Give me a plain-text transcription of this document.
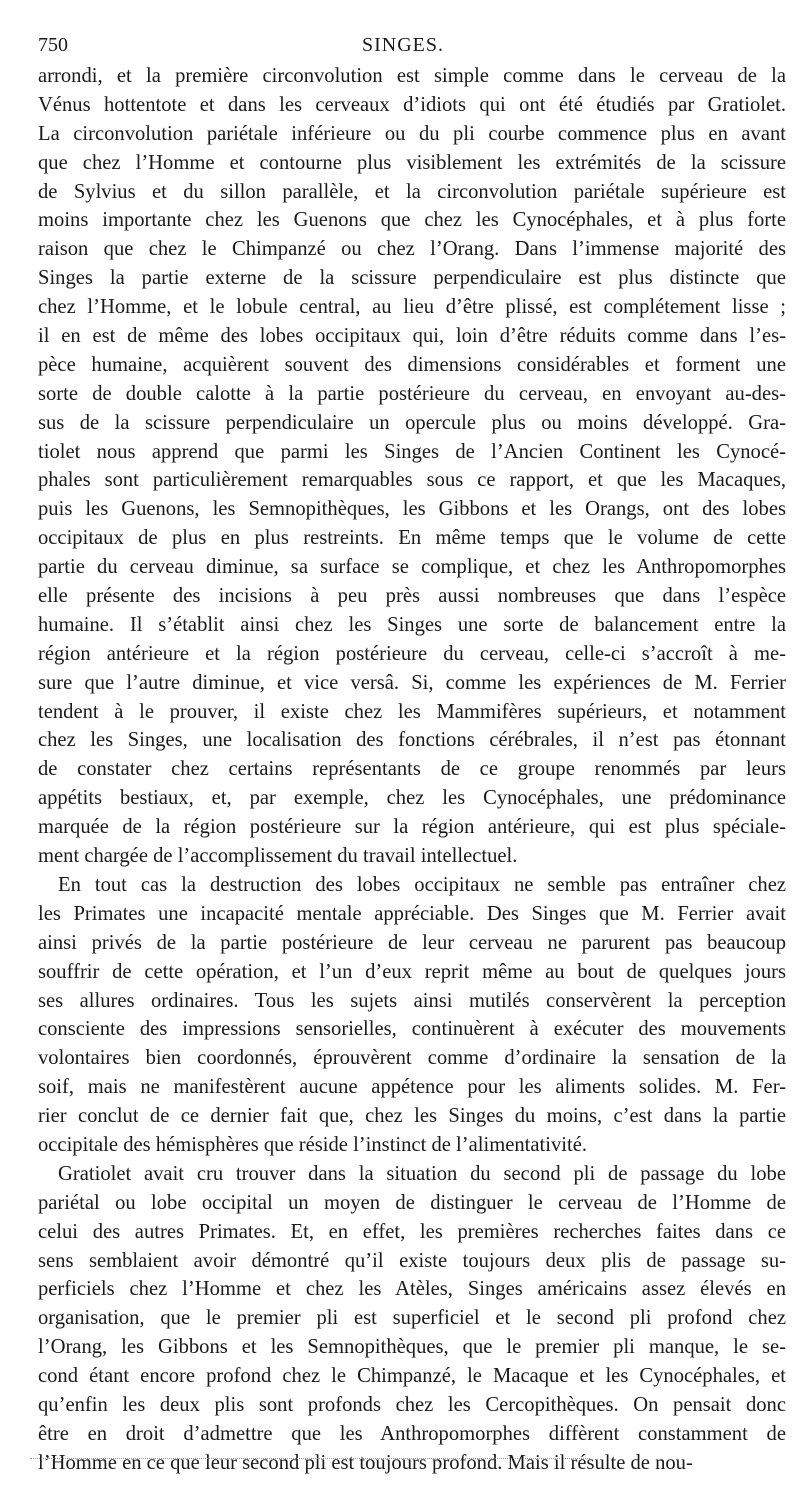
750	SINGES.
arrondi, et la première circonvolution est simple comme dans le cerveau de la
Vénus hottentote et dans les cerveaux d’idiots qui ont été étudiés par Gratiolet.
La circonvolution pariétale inférieure ou du pli courbe commence plus en avant
que chez l’Homme et contourne plus visiblement les extrémités de la scissure
de Sylvius et du sillon parallèle, et la circonvolution pariétale supérieure est
moins importante chez les Guenons que chez les Cynocéphales, et à plus forte
raison que chez le Chimpanzé ou chez l’Orang. Dans l’immense majorité des
Singes la partie externe de la scissure perpendiculaire est plus distincte que
chez l’Homme, et le lobule central, au lieu d’être plissé, est complétement lisse ;
il en est de même des lobes occipitaux qui, loin d’être réduits comme dans l’es-
pèce humaine, acquièrent souvent des dimensions considérables et forment une
sorte de double calotte à la partie postérieure du cerveau, en envoyant au-des-
sus de la scissure perpendiculaire un opercule plus ou moins développé. Gra-
tiolet nous apprend que parmi les Singes de l’Ancien Continent les Cynocé-
phales sont particulièrement remarquables sous ce rapport, et que les Macaques,
puis les Guenons, les Semnopithèques, les Gibbons et les Orangs, ont des lobes
occipitaux de plus en plus restreints. En même temps que le volume de cette
partie du cerveau diminue, sa surface se complique, et chez les Anthropomorphes
elle présente des incisions à peu près aussi nombreuses que dans l’espèce
humaine. Il s’établit ainsi chez les Singes une sorte de balancement entre la
région antérieure et la région postérieure du cerveau, celle-ci s’accroît à me-
sure que l’autre diminue, et vice versâ. Si, comme les expériences de M. Ferrier
tendent à le prouver, il existe chez les Mammifères supérieurs, et notamment
chez les Singes, une localisation des fonctions cérébrales, il n’est pas étonnant
de constater chez certains représentants de ce groupe renommés par leurs
appétits bestiaux, et, par exemple, chez les Cynocéphales, une prédominance
marquée de la région postérieure sur la région antérieure, qui est plus spéciale-
ment chargée de l’accomplissement du travail intellectuel.
En tout cas la destruction des lobes occipitaux ne semble pas entraîner chez
les Primates une incapacité mentale appréciable. Des Singes que M. Ferrier avait
ainsi privés de la partie postérieure de leur cerveau ne parurent pas beaucoup
souffrir de cette opération, et l’un d’eux reprit même au bout de quelques jours
ses allures ordinaires. Tous les sujets ainsi mutilés conservèrent la perception
consciente des impressions sensorielles, continuèrent à exécuter des mouvements
volontaires bien coordonnés, éprouvèrent comme d’ordinaire la sensation de la
soif, mais ne manifestèrent aucune appétence pour les aliments solides. M. Fer-
rier conclut de ce dernier fait que, chez les Singes du moins, c’est dans la partie
occipitale des hémisphères que réside l’instinct de l’alimentativité.
Gratiolet avait cru trouver dans la situation du second pli de passage du lobe
pariétal ou lobe occipital un moyen de distinguer le cerveau de l’Homme de
celui des autres Primates. Et, en effet, les premières recherches faites dans ce
sens semblaient avoir démontré qu’il existe toujours deux plis de passage su-
perficiels chez l’Homme et chez les Atèles, Singes américains assez élevés en
organisation, que le premier pli est superficiel et le second pli profond chez
l’Orang, les Gibbons et les Semnopithèques, que le premier pli manque, le se-
cond étant encore profond chez le Chimpanzé, le Macaque et les Cynocéphales, et
qu’enfin les deux plis sont profonds chez les Cercopithèques. On pensait donc
être en droit d’admettre que les Anthropomorphes diffèrent constamment de
l’Homme en ce que leur second pli est toujours profond. Mais il résulte de nou-
